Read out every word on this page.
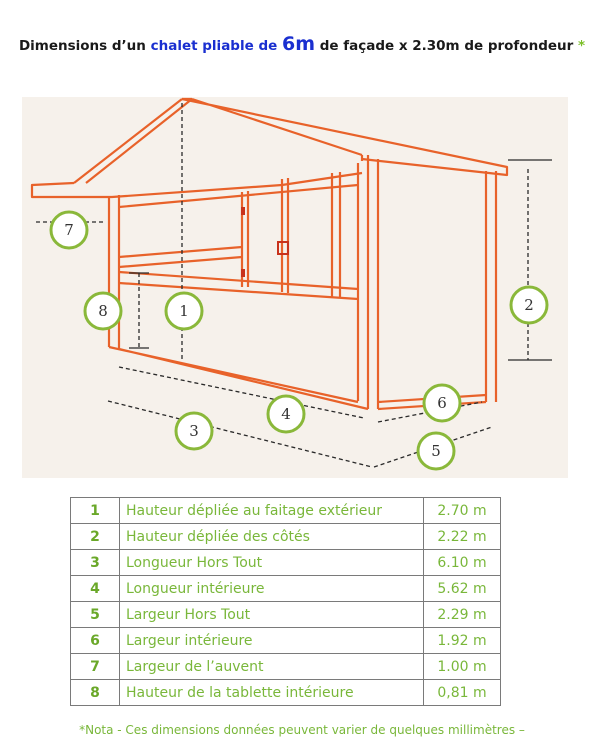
Dimensions d’un chalet pliable de 6m de façade x 2.30m de profondeur *
1	2
3
4
5
6
7
8
1	Hauteur dépliée au faitage extérieur	2.70 m
2	Hauteur dépliée des côtés	2.22 m
3	Longueur Hors Tout	6.10 m
4	Longueur intérieure	5.62 m
5	Largeur Hors Tout	2.29 m
6	Largeur intérieure	1.92 m
7	Largeur de l’auvent	1.00 m
8	Hauteur de la tablette intérieure	0,81 m
*Nota - Ces dimensions données peuvent varier de quelques millimètres –
